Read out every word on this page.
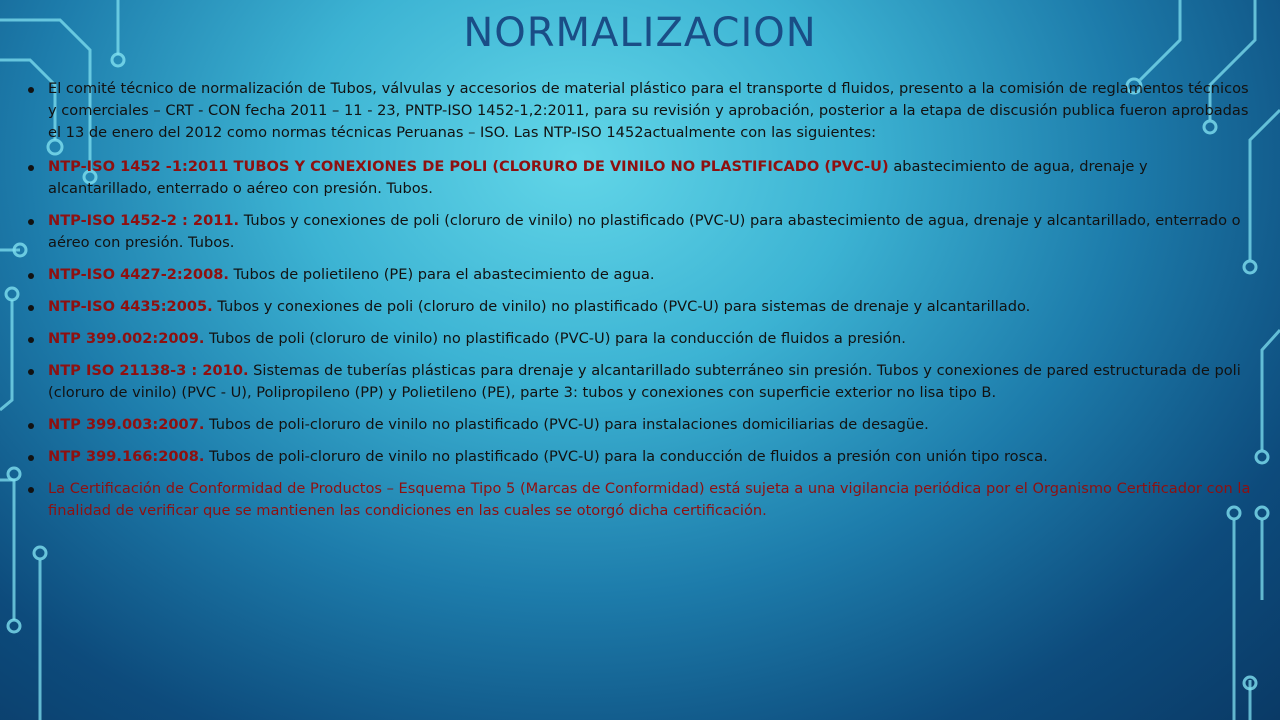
NORMALIZACION
El comité técnico de normalización de Tubos, válvulas y accesorios de material plástico para el transporte d fluidos, presento a la comisión de reglamentos técnicos y comerciales – CRT - CON fecha 2011 – 11 - 23, PNTP-ISO 1452-1,2:2011, para su revisión y aprobación, posterior a la etapa de discusión publica fueron aprobadas el 13 de enero del 2012 como normas técnicas Peruanas – ISO. Las NTP-ISO 1452actualmente con las siguientes:
NTP-ISO 1452 -1:2011 TUBOS Y CONEXIONES DE POLI (CLORURO DE VINILO NO PLASTIFICADO (PVC-U) abastecimiento de agua, drenaje y alcantarillado, enterrado o aéreo con presión. Tubos.
NTP-ISO 1452-2 : 2011. Tubos y conexiones de poli (cloruro de vinilo) no plastificado (PVC-U) para abastecimiento de agua, drenaje y alcantarillado, enterrado o aéreo con presión. Tubos.
NTP-ISO 4427-2:2008. Tubos de polietileno (PE) para el abastecimiento de agua.
NTP-ISO 4435:2005. Tubos y conexiones de poli (cloruro de vinilo) no plastificado (PVC-U) para sistemas de drenaje y alcantarillado.
NTP 399.002:2009. Tubos de poli (cloruro de vinilo) no plastificado (PVC-U) para la conducción de fluidos a presión.
NTP ISO 21138-3 : 2010. Sistemas de tuberías plásticas para drenaje y alcantarillado subterráneo sin presión. Tubos y conexiones de pared estructurada de poli (cloruro de vinilo) (PVC - U), Polipropileno (PP) y Polietileno (PE), parte 3: tubos y conexiones con superficie exterior no lisa tipo B.
NTP 399.003:2007. Tubos de poli-cloruro de vinilo no plastificado (PVC-U) para instalaciones domiciliarias de desagüe.
NTP 399.166:2008. Tubos de poli-cloruro de vinilo no plastificado (PVC-U) para la conducción de fluidos a presión con unión tipo rosca.
La Certificación de Conformidad de Productos – Esquema Tipo 5 (Marcas de Conformidad) está sujeta a una vigilancia periódica por el Organismo Certificador con la finalidad de verificar que se mantienen las condiciones en las cuales se otorgó dicha certificación.
